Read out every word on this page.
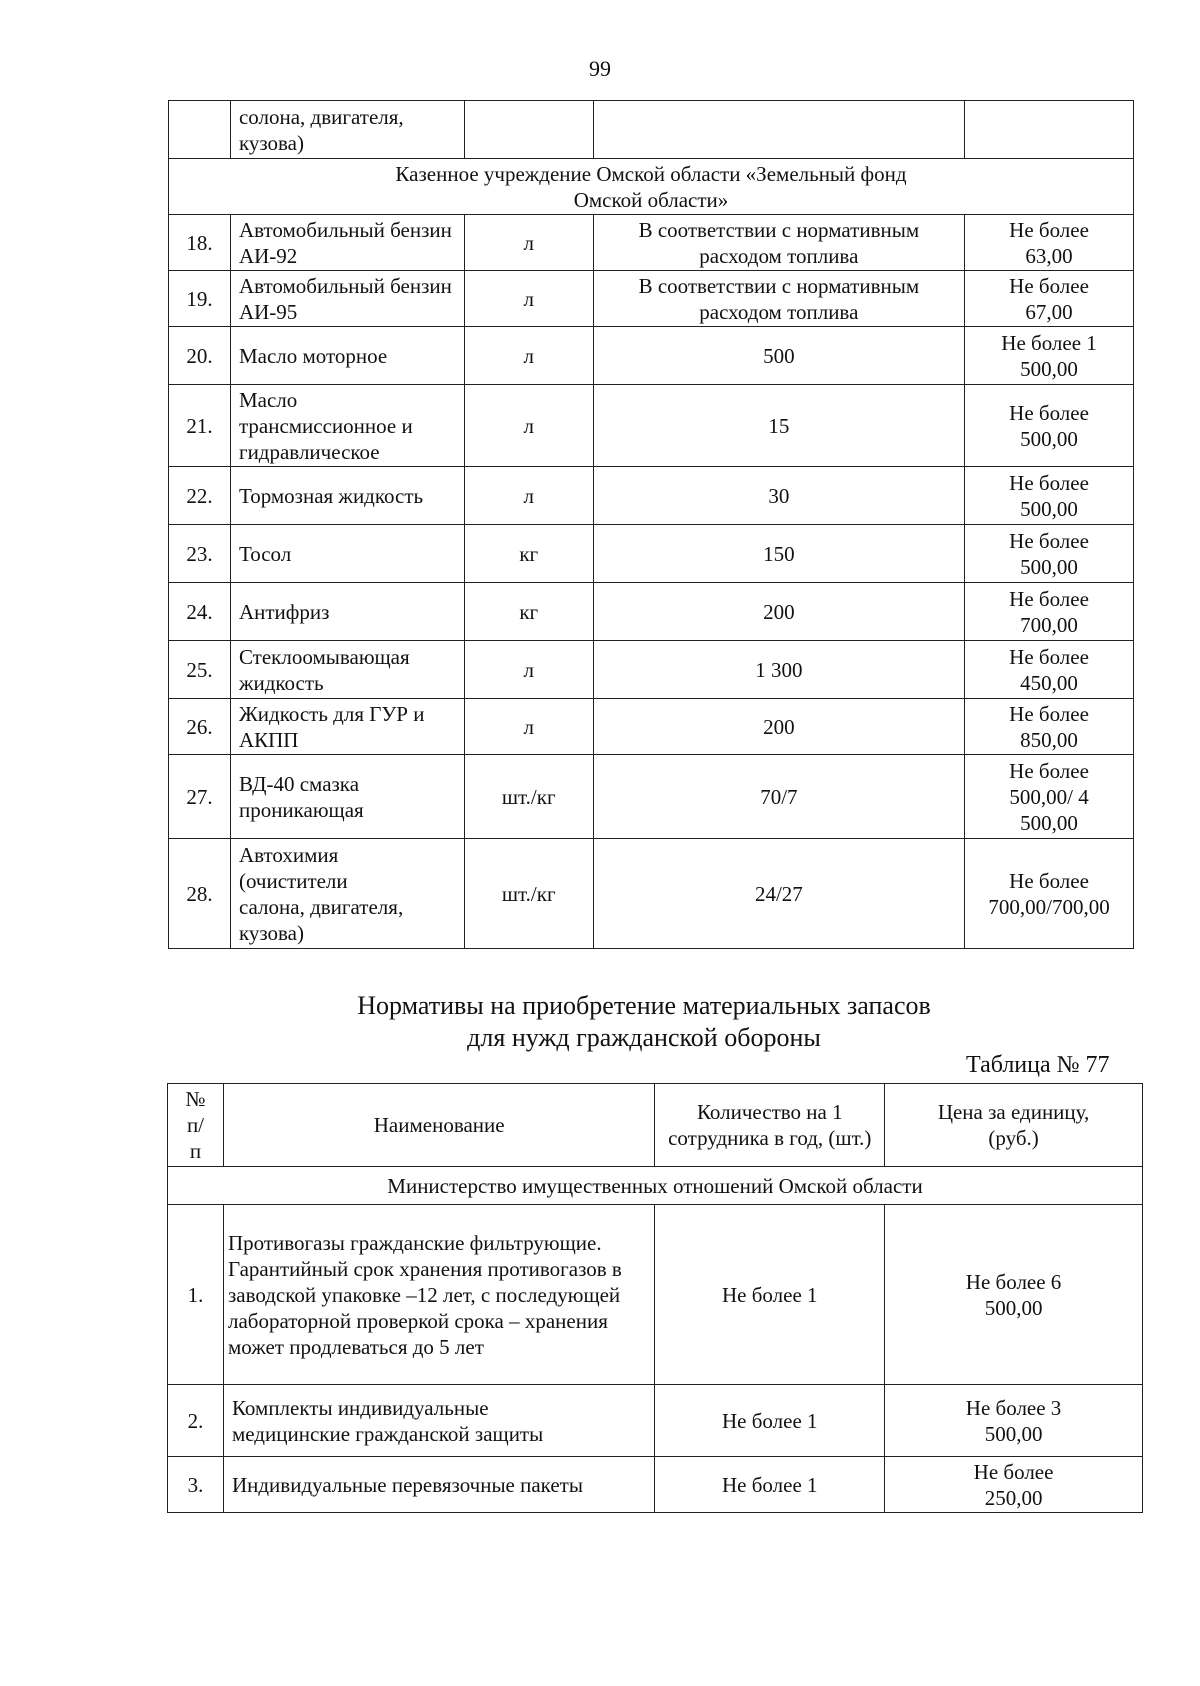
99
	солона, двигателя, кузова)			
Казенное учреждение Омской области «Земельный фонд Омской области»				
18.	Автомобильный бензин АИ-92	л	В соответствии с нормативным расходом топлива	Не более 63,00
19.	Автомобильный бензин АИ-95	л	В соответствии с нормативным расходом топлива	Не более 67,00
20.	Масло моторное	л	500	Не более 1 500,00
21.	Масло трансмиссионное и гидравлическое	л	15	Не более 500,00
22.	Тормозная жидкость	л	30	Не более 500,00
23.	Тосол	кг	150	Не более 500,00
24.	Антифриз	кг	200	Не более 700,00
25.	Стеклоомывающая жидкость	л	1 300	Не более 450,00
26.	Жидкость для ГУР и АКПП	л	200	Не более 850,00
27.	ВД-40 смазка проникающая	шт./кг	70/7	Не более 500,00/ 4 500,00
28.	Автохимия (очистители салона, двигателя, кузова)	шт./кг	24/27	Не более 700,00/700,00
Нормативы на приобретение материальных запасов
для нужд гражданской обороны
Таблица № 77
№ п/п	Наименование	Количество на 1 сотрудника в год, (шт.)	Цена за единицу, (руб.)
Министерство имущественных отношений Омской области			
1.	Противогазы гражданские фильтрующие. Гарантийный срок хранения противогазов в заводской упаковке –12 лет, с последующей лабораторной проверкой срока – хранения может продлеваться до 5 лет	Не более 1	Не более 6 500,00
2.	Комплекты индивидуальные медицинские гражданской защиты	Не более 1	Не более 3 500,00
3.	Индивидуальные перевязочные пакеты	Не более 1	Не более 250,00
